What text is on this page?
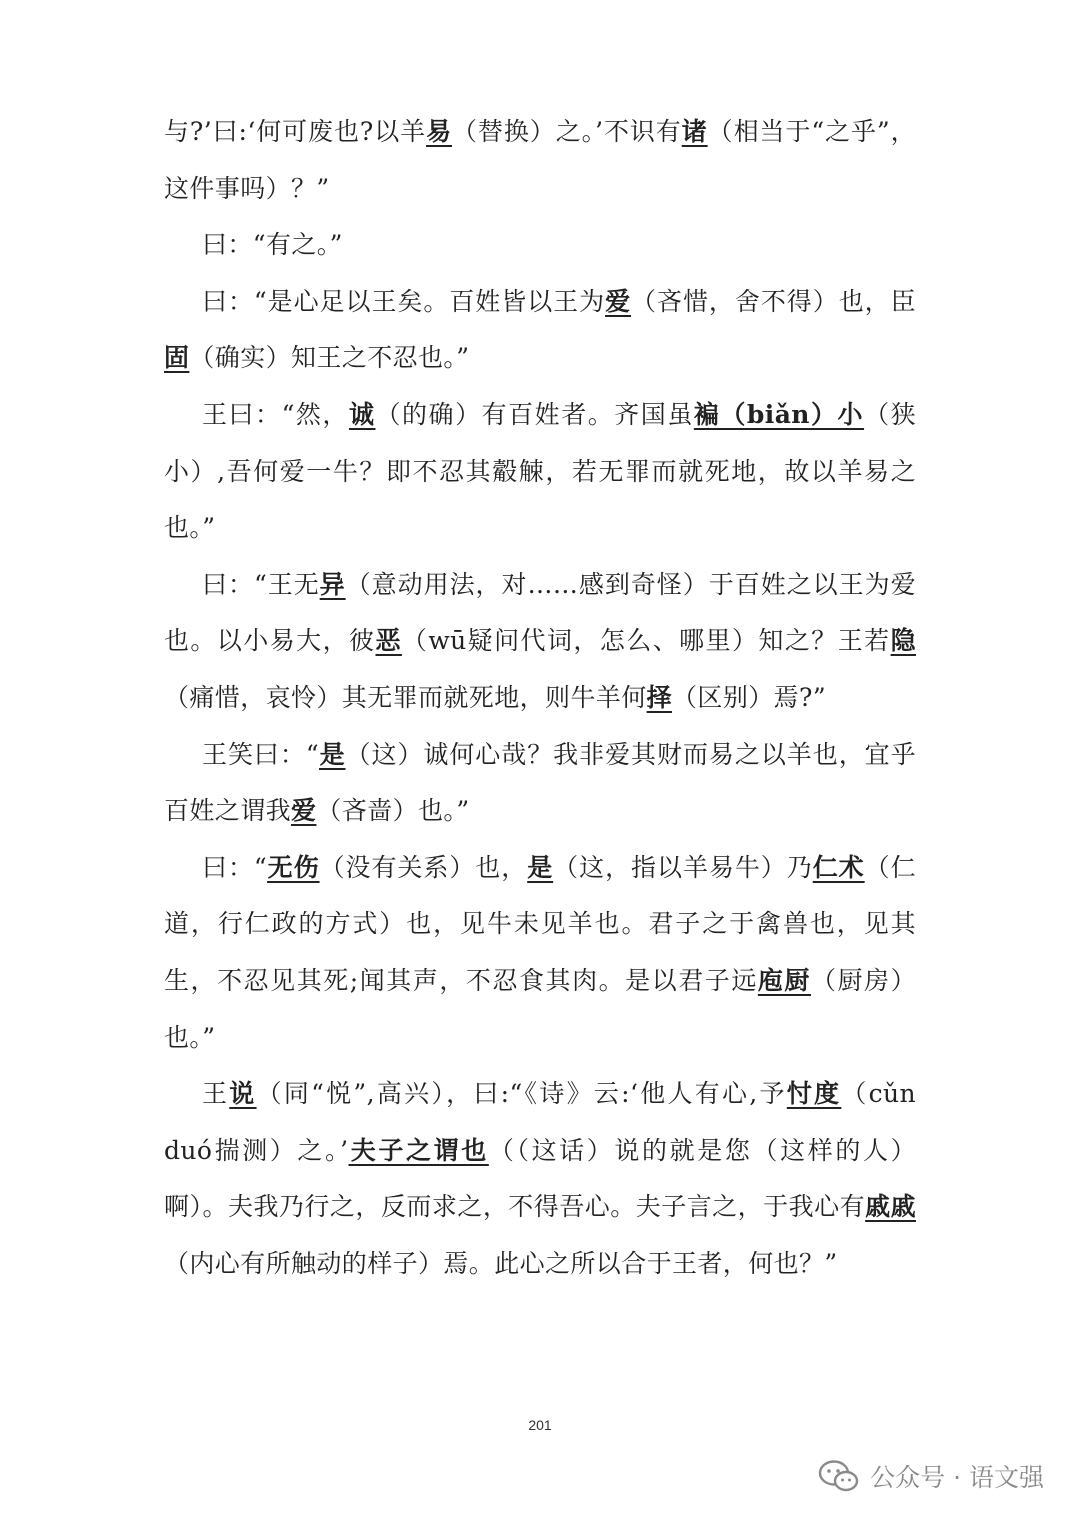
与?’曰:‘何可废也?以羊易（替换）之。’不识有诸（相当于“之乎”，这件事吗）？”

曰：“有之。”

曰：“是心足以王矣。百姓皆以王为爱（吝惜，舍不得）也，臣固（确实）知王之不忍也。”

王曰：“然，诚（的确）有百姓者。齐国虽褊（biǎn）小（狭小）,吾何爱一牛？即不忍其觳觫，若无罪而就死地，故以羊易之也。”

曰：“王无异（意动用法，对……感到奇怪）于百姓之以王为爱也。以小易大，彼恶（wū疑问代词，怎么、哪里）知之？王若隐（痛惜，哀怜）其无罪而就死地，则牛羊何择（区别）焉?”

王笑曰：“是（这）诚何心哉？我非爱其财而易之以羊也，宜乎百姓之谓我爱（吝啬）也。”

曰：“无伤（没有关系）也，是（这，指以羊易牛）乃仁术（仁道，行仁政的方式）也，见牛未见羊也。君子之于禽兽也，见其生，不忍见其死;闻其声，不忍食其肉。是以君子远庖厨（厨房）也。”

王说（同“悦”,高兴），曰:“《诗》云:‘他人有心,予忖度（cǔn duó揣测）之。’夫子之谓也（（这话）说的就是您（这样的人）啊）。夫我乃行之，反而求之，不得吾心。夫子言之，于我心有戚戚（内心有所触动的样子）焉。此心之所以合于王者，何也？”

201
公众号 · 语文强
